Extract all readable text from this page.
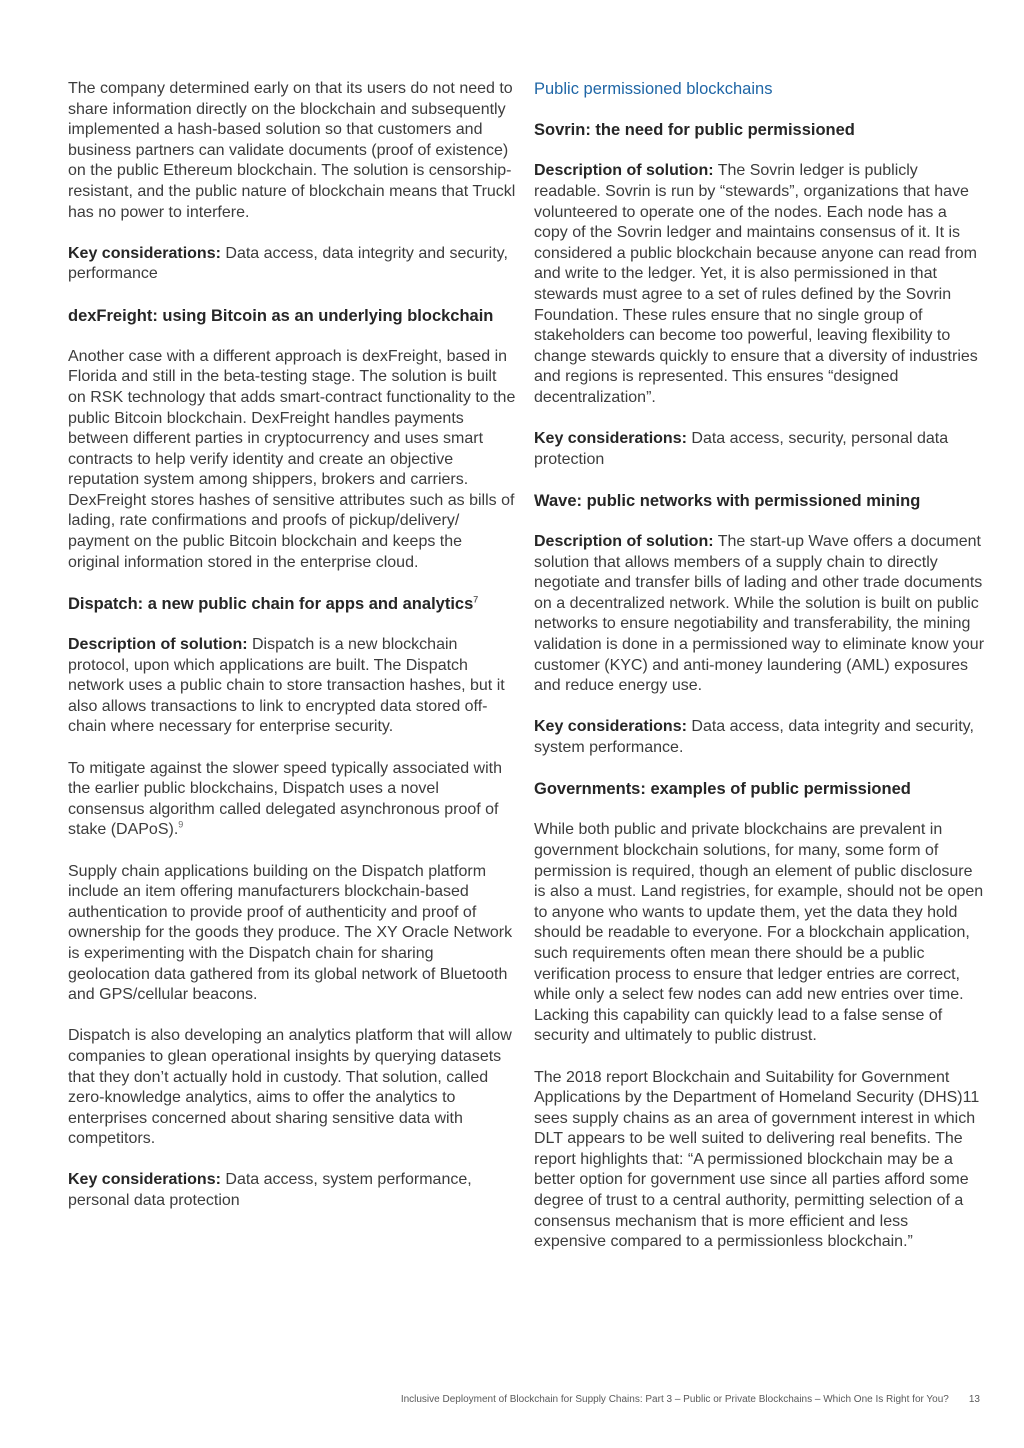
The company determined early on that its users do not need to share information directly on the blockchain and subsequently implemented a hash-based solution so that customers and business partners can validate documents (proof of existence) on the public Ethereum blockchain. The solution is censorship-resistant, and the public nature of blockchain means that Truckl has no power to interfere.

Key considerations: Data access, data integrity and security, performance

dexFreight: using Bitcoin as an underlying blockchain

Another case with a different approach is dexFreight, based in Florida and still in the beta-testing stage. The solution is built on RSK technology that adds smart-contract functionality to the public Bitcoin blockchain. DexFreight handles payments between different parties in cryptocurrency and uses smart contracts to help verify identity and create an objective reputation system among shippers, brokers and carriers. DexFreight stores hashes of sensitive attributes such as bills of lading, rate confirmations and proofs of pickup/delivery/ payment on the public Bitcoin blockchain and keeps the original information stored in the enterprise cloud.

Dispatch: a new public chain for apps and analytics$^7$

Description of solution: Dispatch is a new blockchain protocol, upon which applications are built. The Dispatch network uses a public chain to store transaction hashes, but it also allows transactions to link to encrypted data stored off-chain where necessary for enterprise security.

To mitigate against the slower speed typically associated with the earlier public blockchains, Dispatch uses a novel consensus algorithm called delegated asynchronous proof of stake (DAPoS).$^9$

Supply chain applications building on the Dispatch platform include an item offering manufacturers blockchain-based authentication to provide proof of authenticity and proof of ownership for the goods they produce. The XY Oracle Network is experimenting with the Dispatch chain for sharing geolocation data gathered from its global network of Bluetooth and GPS/cellular beacons.

Dispatch is also developing an analytics platform that will allow companies to glean operational insights by querying datasets that they don’t actually hold in custody. That solution, called zero-knowledge analytics, aims to offer the analytics to enterprises concerned about sharing sensitive data with competitors.

Key considerations: Data access, system performance, personal data protection

Public permissioned blockchains
Sovrin: the need for public permissioned

Description of solution: The Sovrin ledger is publicly readable. Sovrin is run by “stewards”, organizations that have volunteered to operate one of the nodes. Each node has a copy of the Sovrin ledger and maintains consensus of it. It is considered a public blockchain because anyone can read from and write to the ledger. Yet, it is also permissioned in that stewards must agree to a set of rules defined by the Sovrin Foundation. These rules ensure that no single group of stakeholders can become too powerful, leaving flexibility to change stewards quickly to ensure that a diversity of industries and regions is represented. This ensures “designed decentralization”.

Key considerations: Data access, security, personal data protection

Wave: public networks with permissioned mining

Description of solution: The start-up Wave offers a document solution that allows members of a supply chain to directly negotiate and transfer bills of lading and other trade documents on a decentralized network. While the solution is built on public networks to ensure negotiability and transferability, the mining validation is done in a permissioned way to eliminate know your customer (KYC) and anti-money laundering (AML) exposures and reduce energy use.

Key considerations: Data access, data integrity and security, system performance.

Governments: examples of public permissioned

While both public and private blockchains are prevalent in government blockchain solutions, for many, some form of permission is required, though an element of public disclosure is also a must. Land registries, for example, should not be open to anyone who wants to update them, yet the data they hold should be readable to everyone. For a blockchain application, such requirements often mean there should be a public verification process to ensure that ledger entries are correct, while only a select few nodes can add new entries over time. Lacking this capability can quickly lead to a false sense of security and ultimately to public distrust.

The 2018 report Blockchain and Suitability for Government Applications by the Department of Homeland Security (DHS)11 sees supply chains as an area of government interest in which DLT appears to be well suited to delivering real benefits. The report highlights that: “A permissioned blockchain may be a better option for government use since all parties afford some degree of trust to a central authority, permitting selection of a consensus mechanism that is more efficient and less expensive compared to a permissionless blockchain.”

Inclusive Deployment of Blockchain for Supply Chains: Part 3 – Public or Private Blockchains – Which One Is Right for You? 13
